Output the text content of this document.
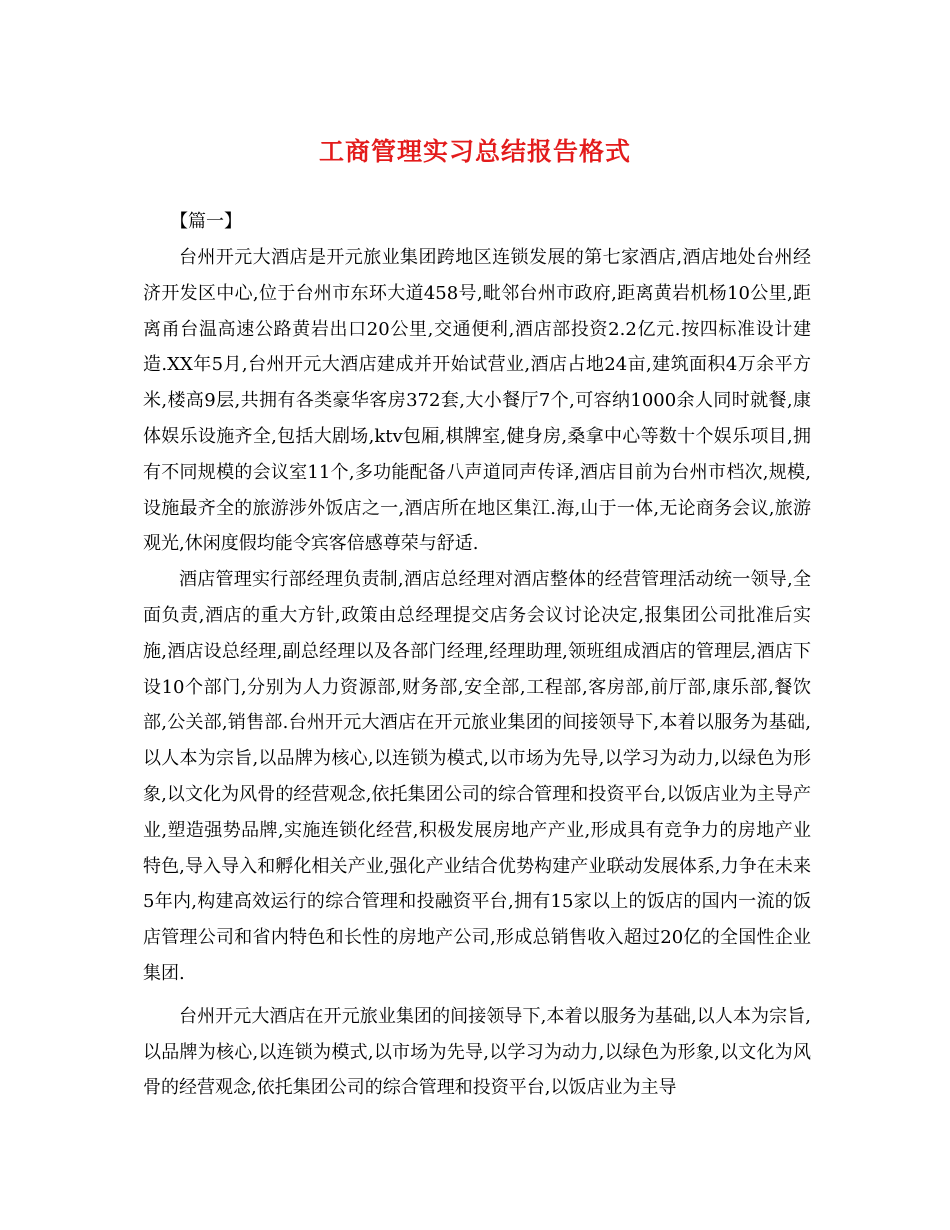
工商管理实习总结报告格式
【篇一】

台州开元大酒店是开元旅业集团跨地区连锁发展的第七家酒店,酒店地处台州经济开发区中心,位于台州市东环大道458号,毗邻台州市政府,距离黄岩机杨10公里,距离甬台温高速公路黄岩出口20公里,交通便利,酒店部投资2.2亿元.按四标准设计建造.XX年5月,台州开元大酒店建成并开始试营业,酒店占地24亩,建筑面积4万余平方米,楼高9层,共拥有各类豪华客房372套,大小餐厅7个,可容纳1000余人同时就餐,康体娱乐设施齐全,包括大剧场,ktv包厢,棋牌室,健身房,桑拿中心等数十个娱乐项目,拥有不同规模的会议室11个,多功能配备八声道同声传译,酒店目前为台州市档次,规模,设施最齐全的旅游涉外饭店之一,酒店所在地区集江.海,山于一体,无论商务会议,旅游观光,休闲度假均能令宾客倍感尊荣与舒适.

酒店管理实行部经理负责制,酒店总经理对酒店整体的经营管理活动统一领导,全面负责,酒店的重大方针,政策由总经理提交店务会议讨论决定,报集团公司批准后实施,酒店设总经理,副总经理以及各部门经理,经理助理,领班组成酒店的管理层,酒店下设10个部门,分别为人力资源部,财务部,安全部,工程部,客房部,前厅部,康乐部,餐饮部,公关部,销售部.台州开元大酒店在开元旅业集团的间接领导下,本着以服务为基础,以人本为宗旨,以品牌为核心,以连锁为模式,以市场为先导,以学习为动力,以绿色为形象,以文化为风骨的经营观念,依托集团公司的综合管理和投资平台,以饭店业为主导产业,塑造强势品牌,实施连锁化经营,积极发展房地产产业,形成具有竞争力的房地产业特色,导入导入和孵化相关产业,强化产业结合优势构建产业联动发展体系,力争在未来5年内,构建高效运行的综合管理和投融资平台,拥有15家以上的饭店的国内一流的饭店管理公司和省内特色和长性的房地产公司,形成总销售收入超过20亿的全国性企业集团.

台州开元大酒店在开元旅业集团的间接领导下,本着以服务为基础,以人本为宗旨,以品牌为核心,以连锁为模式,以市场为先导,以学习为动力,以绿色为形象,以文化为风骨的经营观念,依托集团公司的综合管理和投资平台,以饭店业为主导
